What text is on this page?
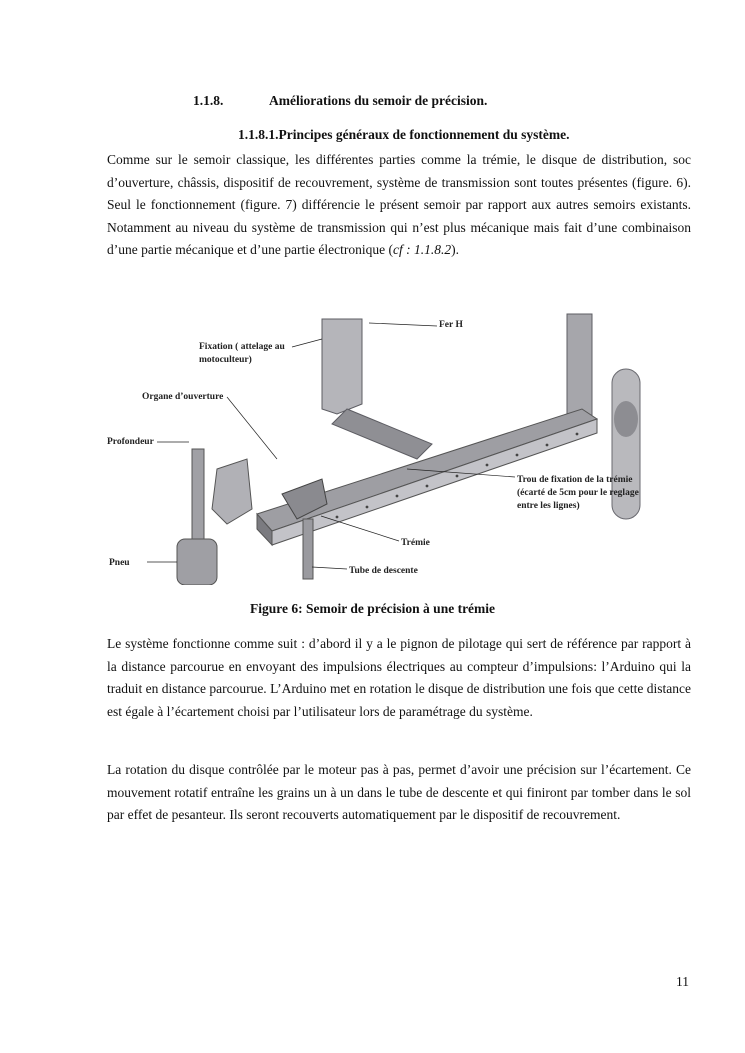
1.1.8.	Améliorations du semoir de précision.
1.1.8.1.Principes généraux de fonctionnement du système.

Comme sur le semoir classique, les différentes parties comme la trémie, le disque de distribution, soc d’ouverture, châssis, dispositif de recouvrement, système de transmission sont toutes présentes (figure. 6). Seul le fonctionnement (figure. 7) différencie le présent semoir par rapport aux autres semoirs existants. Notamment au niveau du système de transmission qui n’est plus mécanique mais fait d’une combinaison d’une partie mécanique et d’une partie électronique (cf : 1.1.8.2).

Fer H
Fixation ( attelage au
motoculteur)
Organe d’ouverture
Profondeur
Trou de fixation de la trémie
(écarté de 5cm pour le reglage
entre les lignes)
Trémie
Pneu
Tube de descente
Figure 6: Semoir de précision à une trémie

Le système fonctionne comme suit : d’abord il y a le pignon de pilotage qui sert de référence par rapport à la distance parcourue en envoyant des impulsions électriques au compteur d’impulsions: l’Arduino qui la traduit en distance parcourue. L’Arduino met en rotation le disque de distribution une fois que cette distance est égale à l’écartement choisi par l’utilisateur lors de paramétrage du système.

La rotation du disque contrôlée par le moteur pas à pas, permet d’avoir une précision sur l’écartement. Ce mouvement rotatif entraîne les grains un à un dans le tube de descente et qui finiront par tomber dans le sol par effet de pesanteur. Ils seront recouverts automatiquement par le dispositif de recouvrement.

11
